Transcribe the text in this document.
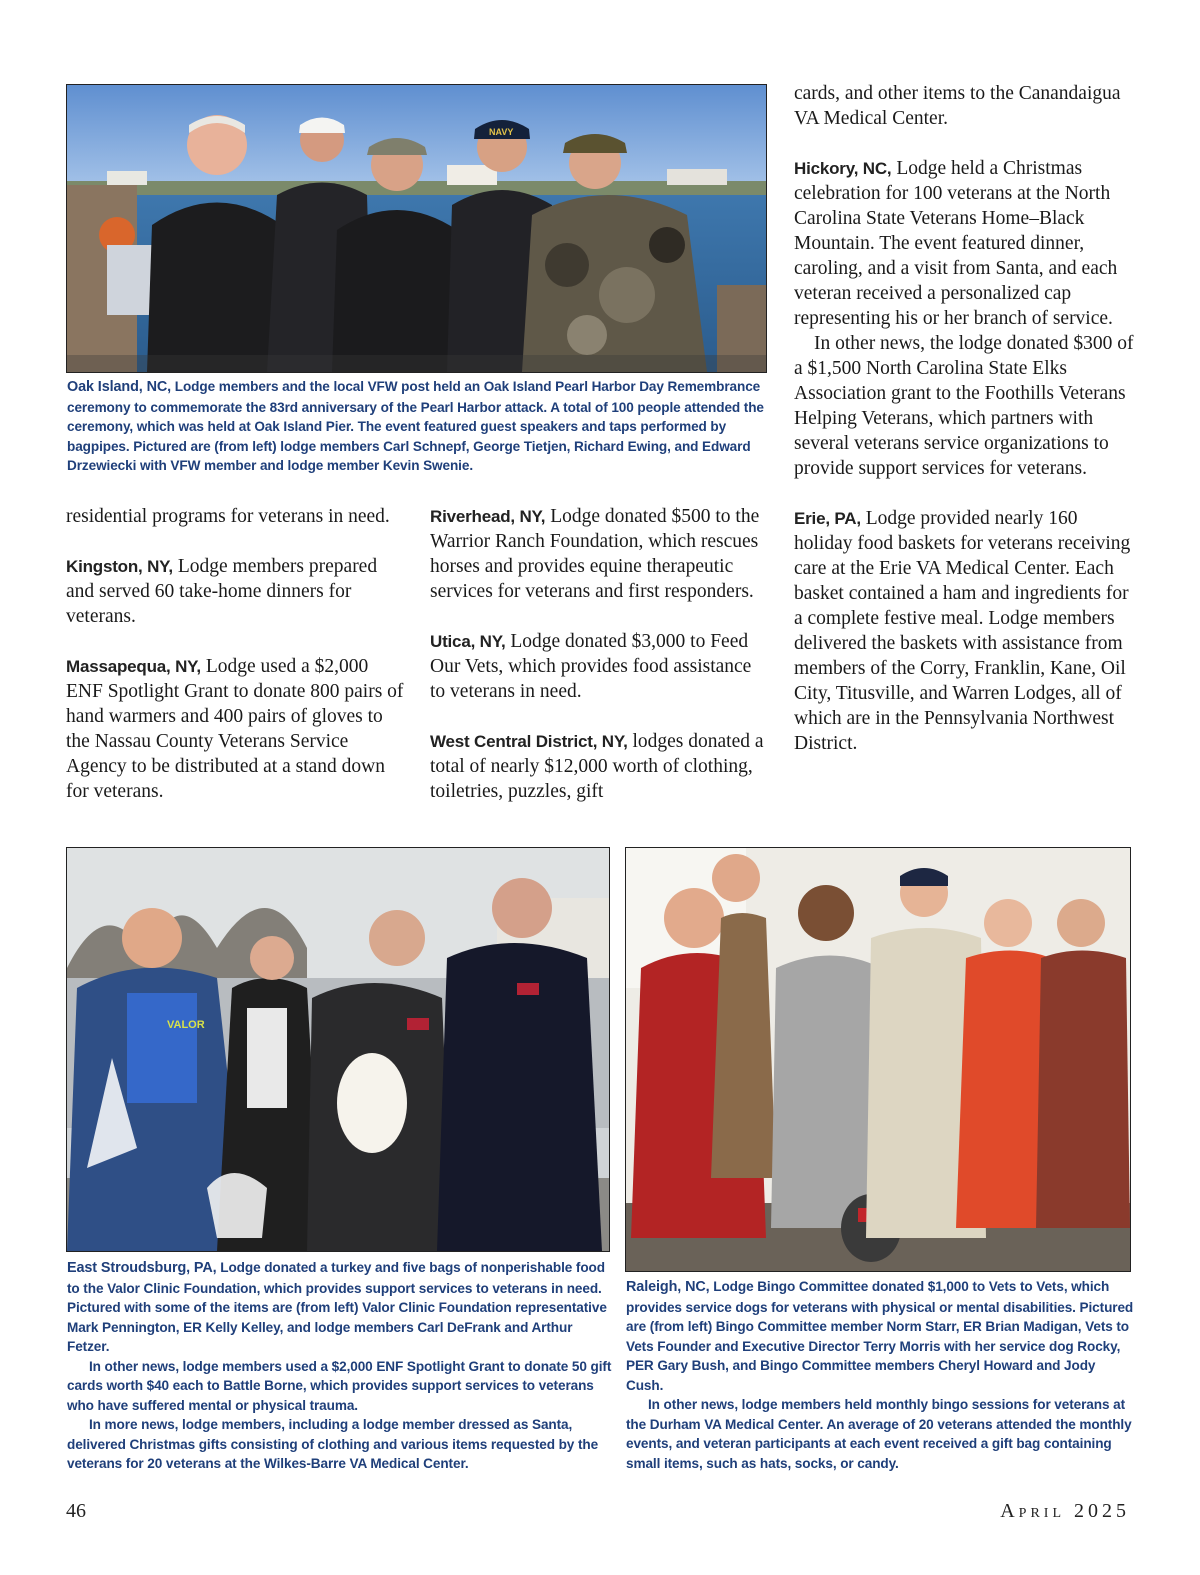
NAVY

Oak Island, NC, Lodge members and the local VFW post held an Oak Island Pearl Harbor Day Remembrance ceremony to commemorate the 83rd anniversary of the Pearl Harbor attack. A total of 100 people attended the ceremony, which was held at Oak Island Pier. The event featured guest speakers and taps performed by bagpipes. Pictured are (from left) lodge members Carl Schnepf, George Tietjen, Richard Ewing, and Edward Drzewiecki with VFW member and lodge member Kevin Swenie.

residential programs for veterans in need.

Kingston, NY, Lodge members prepared and served 60 take-home dinners for veterans.

Massapequa, NY, Lodge used a $2,000 ENF Spotlight Grant to donate 800 pairs of hand warmers and 400 pairs of gloves to the Nassau County Veterans Service Agency to be distributed at a stand down for veterans.

Riverhead, NY, Lodge donated $500 to the Warrior Ranch Foundation, which rescues horses and provides equine therapeutic services for veterans and first responders.

Utica, NY, Lodge donated $3,000 to Feed Our Vets, which provides food assistance to veterans in need.

West Central District, NY, lodges donated a total of nearly $12,000 worth of clothing, toiletries, puzzles, gift

cards, and other items to the Canandaigua VA Medical Center.

Hickory, NC, Lodge held a Christmas celebration for 100 veterans at the North Carolina State Veterans Home–Black Mountain. The event featured dinner, caroling, and a visit from Santa, and each veteran received a personalized cap representing his or her branch of service.

In other news, the lodge donated $300 of a $1,500 North Carolina State Elks Association grant to the Foothills Veterans Helping Veterans, which partners with several veterans service organizations to provide support services for veterans.

Erie, PA, Lodge provided nearly 160 holiday food baskets for veterans receiving care at the Erie VA Medical Center. Each basket contained a ham and ingredients for a complete festive meal. Lodge members delivered the baskets with assistance from members of the Corry, Franklin, Kane, Oil City, Titusville, and Warren Lodges, all of which are in the Pennsylvania Northwest District.

VALOR

East Stroudsburg, PA, Lodge donated a turkey and five bags of nonperishable food to the Valor Clinic Foundation, which provides support services to veterans in need. Pictured with some of the items are (from left) Valor Clinic Foundation representative Mark Pennington, ER Kelly Kelley, and lodge members Carl DeFrank and Arthur Fetzer.

In other news, lodge members used a $2,000 ENF Spotlight Grant to donate 50 gift cards worth $40 each to Battle Borne, which provides support services to veterans who have suffered mental or physical trauma.

In more news, lodge members, including a lodge member dressed as Santa, delivered Christmas gifts consisting of clothing and various items requested by the veterans for 20 veterans at the Wilkes-Barre VA Medical Center.

Raleigh, NC, Lodge Bingo Committee donated $1,000 to Vets to Vets, which provides service dogs for veterans with physical or mental disabilities. Pictured are (from left) Bingo Committee member Norm Starr, ER Brian Madigan, Vets to Vets Founder and Executive Director Terry Morris with her service dog Rocky, PER Gary Bush, and Bingo Committee members Cheryl Howard and Jody Cush.

In other news, lodge members held monthly bingo sessions for veterans at the Durham VA Medical Center. An average of 20 veterans attended the monthly events, and veteran participants at each event received a gift bag containing small items, such as hats, socks, or candy.

46	April 2025
